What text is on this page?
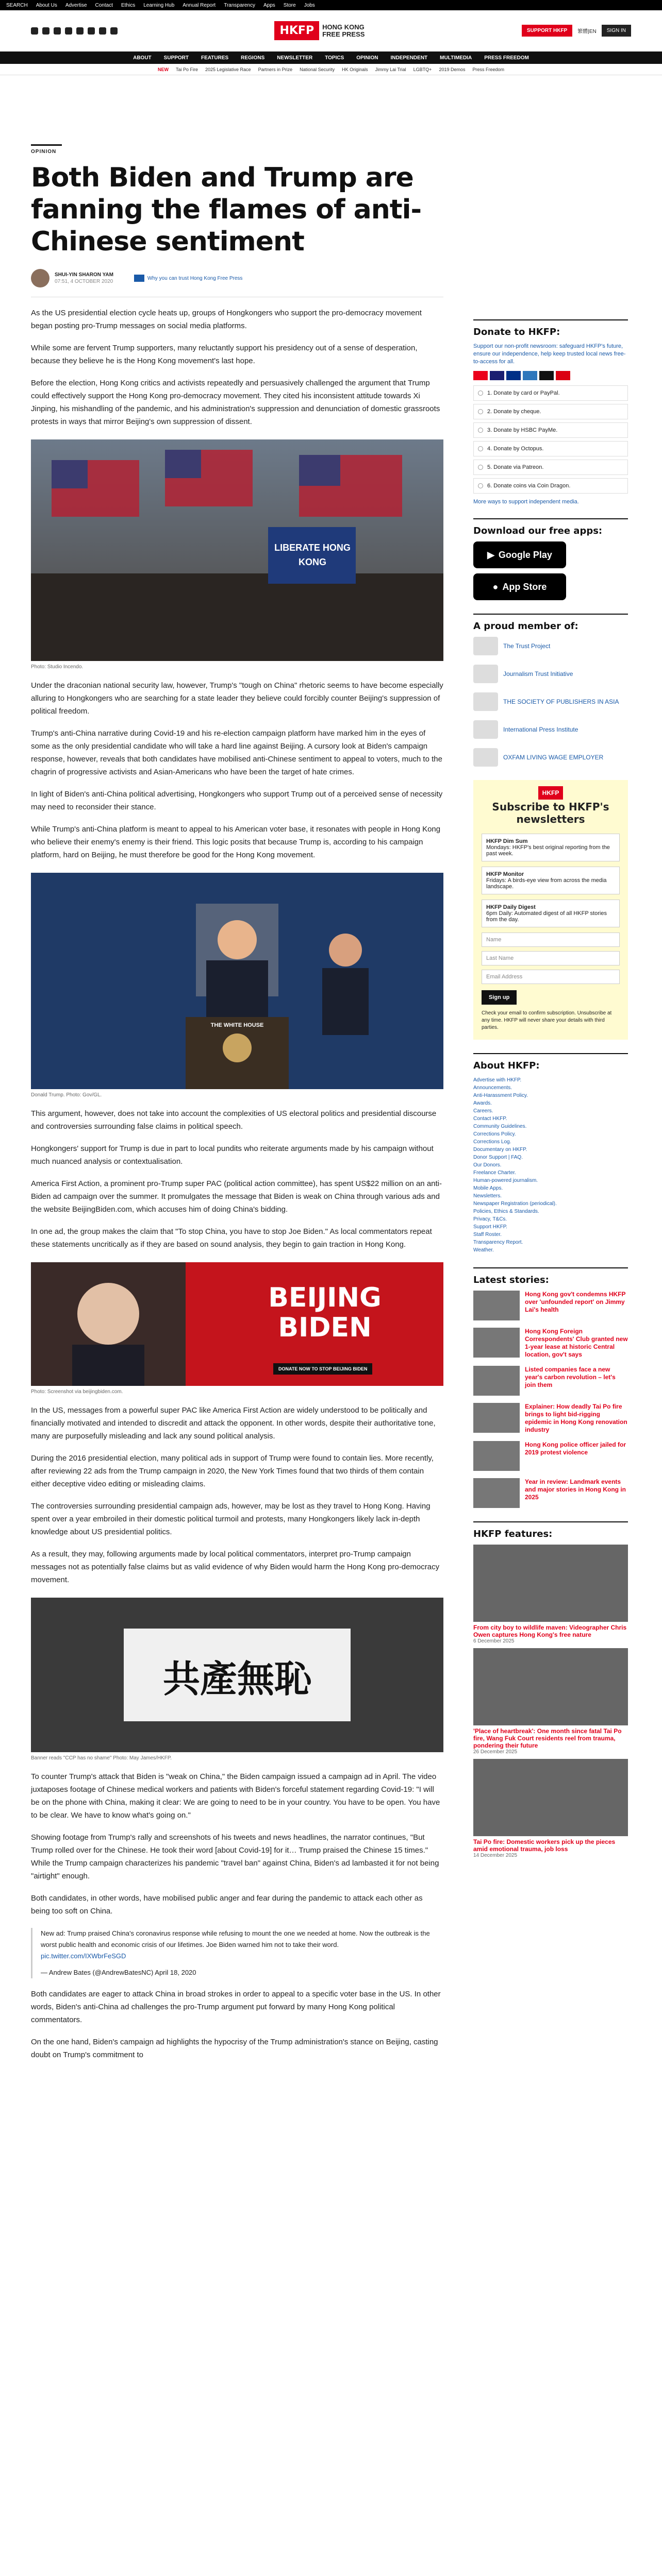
SEARCH About Us Advertise Contact Ethics Learning Hub Annual Report Transparency Apps Store Jobs
HKFP	HONG KONG
FREE PRESS	SUPPORT HKFP	繁體|EN	SIGN IN
ABOUT SUPPORT FEATURES REGIONS NEWSLETTER TOPICS OPINION INDEPENDENT MULTIMEDIA PRESS FREEDOM
NEW Tai Po Fire 2025 Legislative Race Partners in Prize National Security HK Originals Jimmy Lai Trial LGBTQ+ 2019 Demos Press Freedom
OPINION
Both Biden and Trump are fanning the flames of anti-Chinese sentiment
SHUI-YIN SHARON YAM
07:51, 4 OCTOBER 2020
Why you can trust Hong Kong Free Press

As the US presidential election cycle heats up, groups of Hongkongers who support the pro-democracy movement began posting pro-Trump messages on social media platforms.

While some are fervent Trump supporters, many reluctantly support his presidency out of a sense of desperation, because they believe he is the Hong Kong movement's last hope.

Before the election, Hong Kong critics and activists repeatedly and persuasively challenged the argument that Trump could effectively support the Hong Kong pro-democracy movement. They cited his inconsistent attitude towards Xi Jinping, his mishandling of the pandemic, and his administration's suppression and denunciation of domestic grassroots protests in ways that mirror Beijing's own suppression of dissent.

LIBERATE HONG KONG
Photo: Studio Incendo.

Under the draconian national security law, however, Trump's "tough on China" rhetoric seems to have become especially alluring to Hongkongers who are searching for a state leader they believe could forcibly counter Beijing's suppression of political freedom.

Trump's anti-China narrative during Covid-19 and his re-election campaign platform have marked him in the eyes of some as the only presidential candidate who will take a hard line against Beijing. A cursory look at Biden's campaign response, however, reveals that both candidates have mobilised anti-Chinese sentiment to appeal to voters, much to the chagrin of progressive activists and Asian-Americans who have been the target of hate crimes.

In light of Biden's anti-China political advertising, Hongkongers who support Trump out of a perceived sense of necessity may need to reconsider their stance.

While Trump's anti-China platform is meant to appeal to his American voter base, it resonates with people in Hong Kong who believe their enemy's enemy is their friend. This logic posits that because Trump is, according to his campaign platform, hard on Beijing, he must therefore be good for the Hong Kong movement.

THE WHITE HOUSE
Donald Trump. Photo: Gov/GL.

This argument, however, does not take into account the complexities of US electoral politics and presidential discourse and controversies surrounding false claims in political speech.

Hongkongers' support for Trump is due in part to local pundits who reiterate arguments made by his campaign without much nuanced analysis or contextualisation.

America First Action, a prominent pro-Trump super PAC (political action committee), has spent US$22 million on an anti-Biden ad campaign over the summer. It promulgates the message that Biden is weak on China through various ads and the website BeijingBiden.com, which accuses him of doing China's bidding.

In one ad, the group makes the claim that "To stop China, you have to stop Joe Biden." As local commentators repeat these statements uncritically as if they are based on sound analysis, they begin to gain traction in Hong Kong.

BEIJING
BIDEN
DONATE NOW TO STOP BEIJING BIDEN
Photo: Screenshot via beijingbiden.com.

In the US, messages from a powerful super PAC like America First Action are widely understood to be politically and financially motivated and intended to discredit and attack the opponent. In other words, despite their authoritative tone, many are purposefully misleading and lack any sound political analysis.

During the 2016 presidential election, many political ads in support of Trump were found to contain lies. More recently, after reviewing 22 ads from the Trump campaign in 2020, the New York Times found that two thirds of them contain either deceptive video editing or misleading claims.

The controversies surrounding presidential campaign ads, however, may be lost as they travel to Hong Kong. Having spent over a year embroiled in their domestic political turmoil and protests, many Hongkongers likely lack in-depth knowledge about US presidential politics.

As a result, they may, following arguments made by local political commentators, interpret pro-Trump campaign messages not as potentially false claims but as valid evidence of why Biden would harm the Hong Kong pro-democracy movement.

共產無恥
Banner reads "CCP has no shame" Photo: May James/HKFP.

To counter Trump's attack that Biden is "weak on China," the Biden campaign issued a campaign ad in April. The video juxtaposes footage of Chinese medical workers and patients with Biden's forceful statement regarding Covid-19: "I will be on the phone with China, making it clear: We are going to need to be in your country. You have to be open. You have to be clear. We have to know what's going on."

Showing footage from Trump's rally and screenshots of his tweets and news headlines, the narrator continues, "But Trump rolled over for the Chinese. He took their word [about Covid-19] for it… Trump praised the Chinese 15 times." While the Trump campaign characterizes his pandemic "travel ban" against China, Biden's ad lambasted it for not being "airtight" enough.

Both candidates, in other words, have mobilised public anger and fear during the pandemic to attack each other as being too soft on China.

New ad: Trump praised China's coronavirus response while refusing to mount the one we needed at home. Now the outbreak is the worst public health and economic crisis of our lifetimes. Joe Biden warned him not to take their word.
pic.twitter.com/IXWbrFeSGD
— Andrew Bates (@AndrewBatesNC) April 18, 2020

Both candidates are eager to attack China in broad strokes in order to appeal to a specific voter base in the US. In other words, Biden's anti-China ad challenges the pro-Trump argument put forward by many Hong Kong political commentators.

On the one hand, Biden's campaign ad highlights the hypocrisy of the Trump administration's stance on Beijing, casting doubt on Trump's commitment to

Donate to HKFP:
Support our non-profit newsroom: safeguard HKFP's future, ensure our independence, help keep trusted local news free-to-access for all.
1. Donate by card or PayPal.
2. Donate by cheque.
3. Donate by HSBC PayMe.
4. Donate by Octopus.
5. Donate via Patreon.
6. Donate coins via Coin Dragon.
More ways to support independent media.
Download our free apps:
▶ Google Play
● App Store
A proud member of:
The Trust Project
Journalism Trust Initiative
THE SOCIETY OF PUBLISHERS IN ASIA
International Press Institute
OXFAM LIVING WAGE EMPLOYER
HKFP
Subscribe to HKFP's newsletters
HKFP Dim Sum
Mondays: HKFP's best original reporting from the past week.
HKFP Monitor
Fridays: A birds-eye view from across the media landscape.
HKFP Daily Digest
6pm Daily: Automated digest of all HKFP stories from the day.
Name
Last Name
Email Address
Sign up
Check your email to confirm subscription. Unsubscribe at any time. HKFP will never share your details with third parties.
About HKFP:
Advertise with HKFP.
Announcements.
Anti-Harassment Policy.
Awards.
Careers.
Contact HKFP.
Community Guidelines.
Corrections Policy.
Corrections Log.
Documentary on HKFP.
Donor Support | FAQ.
Our Donors.
Freelance Charter.
Human-powered journalism.
Mobile Apps.
Newsletters.
Newspaper Registration (periodical).
Policies, Ethics & Standards.
Privacy, T&Cs.
Support HKFP.
Staff Roster.
Transparency Report.
Weather.
Latest stories:
Hong Kong gov't condemns HKFP over 'unfounded report' on Jimmy Lai's health
Hong Kong Foreign Correspondents' Club granted new 1-year lease at historic Central location, gov't says
Listed companies face a new year's carbon revolution – let's join them
Explainer: How deadly Tai Po fire brings to light bid-rigging epidemic in Hong Kong renovation industry
Hong Kong police officer jailed for 2019 protest violence
Year in review: Landmark events and major stories in Hong Kong in 2025
HKFP features:
From city boy to wildlife maven: Videographer Chris Owen captures Hong Kong's free nature
6 December 2025
'Place of heartbreak': One month since fatal Tai Po fire, Wang Fuk Court residents reel from trauma, pondering their future
26 December 2025
Tai Po fire: Domestic workers pick up the pieces amid emotional trauma, job loss
14 December 2025
